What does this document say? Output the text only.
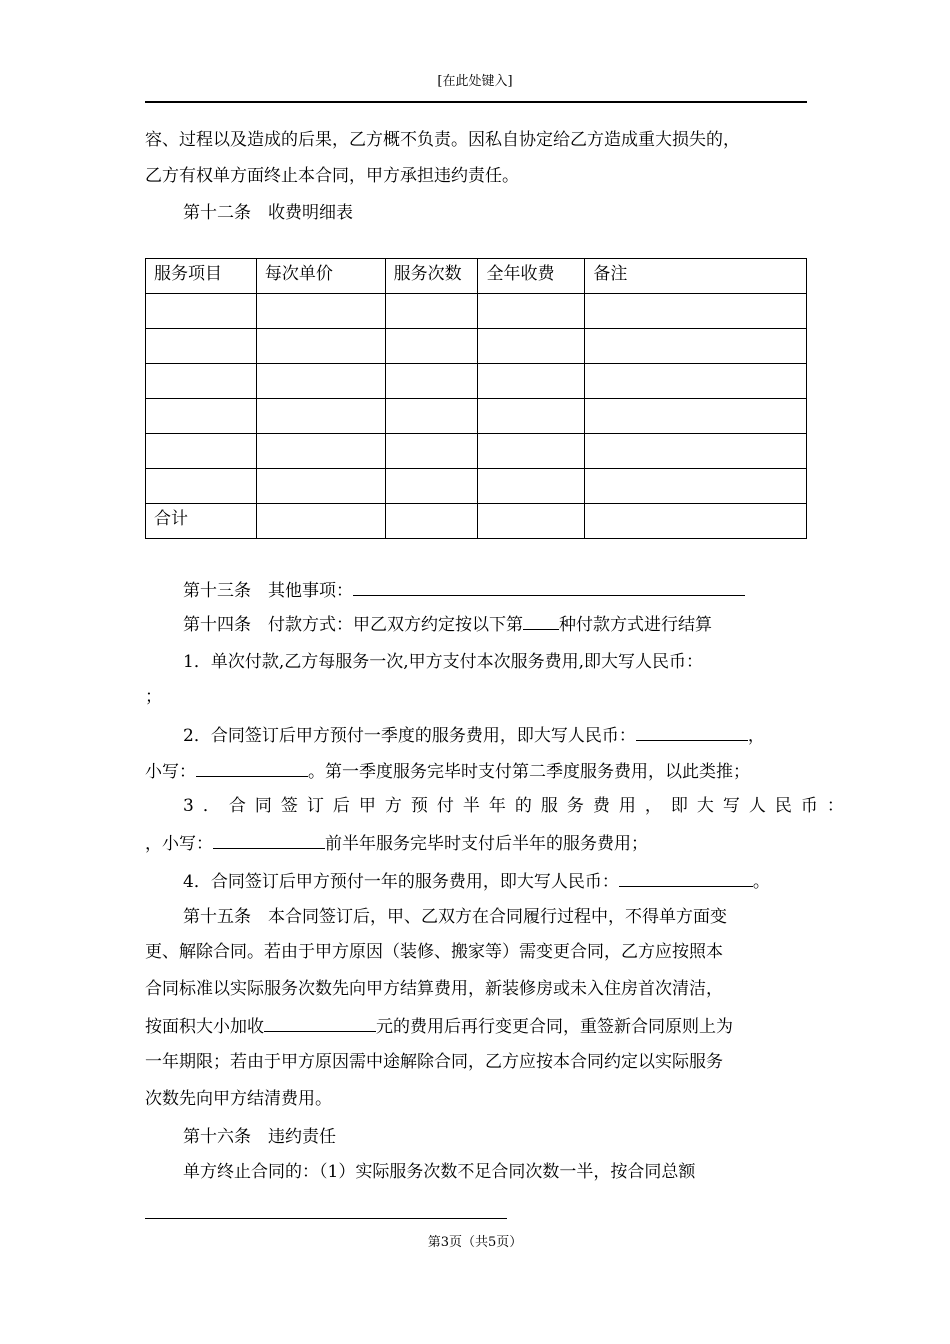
[在此处键入]
容、过程以及造成的后果，乙方概不负责。因私自协定给乙方造成重大损失的，
乙方有权单方面终止本合同，甲方承担违约责任。
第十二条　收费明细表
服务项目	每次单价	服务次数	全年收费	备注

合计				
第十三条　其他事项：
第十四条　付款方式：甲乙双方约定按以下第 种付款方式进行结算
1．单次付款,乙方每服务一次,甲方支付本次服务费用,即大写人民币：
；
2．合同签订后甲方预付一季度的服务费用，即大写人民币：	，
小写：	。第一季度服务完毕时支付第二季度服务费用，以此类推；
3．合同签订后甲方预付半年的服务费用，即大写人民币：
，小写：	前半年服务完毕时支付后半年的服务费用；
4．合同签订后甲方预付一年的服务费用，即大写人民币：	。
第十五条　本合同签订后，甲、乙双方在合同履行过程中，不得单方面变
更、解除合同。若由于甲方原因（装修、搬家等）需变更合同，乙方应按照本
合同标准以实际服务次数先向甲方结算费用，新装修房或未入住房首次清洁，
按面积大小加收	元的费用后再行变更合同，重签新合同原则上为
一年期限；若由于甲方原因需中途解除合同，乙方应按本合同约定以实际服务
次数先向甲方结清费用。
第十六条　违约责任
单方终止合同的：（1）实际服务次数不足合同次数一半，按合同总额
第3页（共5页）
